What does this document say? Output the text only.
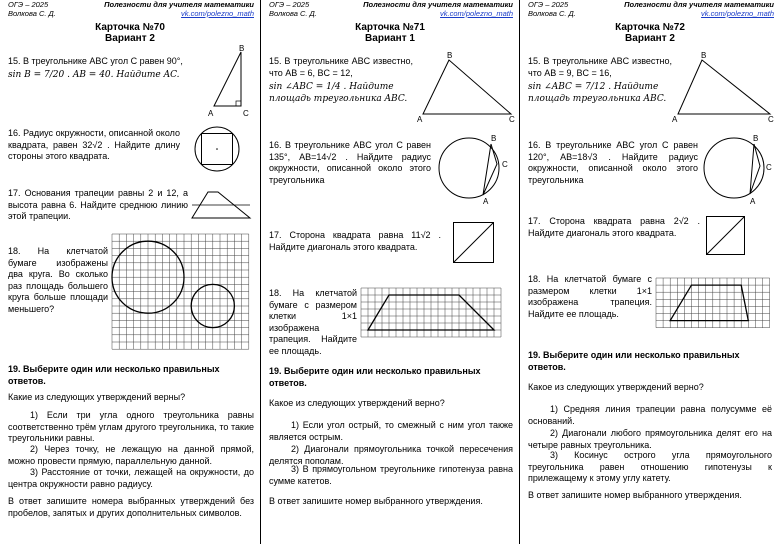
ОГЭ – 2025
Волкова С. Д.
Полезности для учителя математики
vk.com/polezno_math
Карточка №70
Вариант 2
15. В треугольнике ABC угол C равен 90°,
sin B = 7/20 . AB = 40. Найдите AC.
B
A	C
16. Радиус окружности, описанной около квадрата, равен 32√2 . Найдите длину стороны этого квадрата.
17. Основания трапеции равны 2 и 12, а высота равна 6. Найдите среднюю линию этой трапеции.
18. На клетчатой бумаге изображены два круга. Во сколько раз площадь большего круга больше площади меньшего?
19. Выберите один или несколько правильных ответов.
Какие из следующих утверждений верны?
1) Если три угла одного треугольника равны соответственно трём углам другого треугольника, то такие треугольники равны.
2) Через точку, не лежащую на данной прямой, можно провести прямую, параллельную данной.
3) Расстояние от точки, лежащей на окружности, до центра окружности равно радиусу.
В ответ запишите номера выбранных утверждений без пробелов, запятых и других дополнительных символов.
ОГЭ – 2025
Волкова С. Д.
Полезности для учителя математики
vk.com/polezno_math
Карточка №71
Вариант 1
15. В треугольнике ABC известно, что AB = 6, BC = 12,
sin ∠ABC = 1/4 . Найдите площадь треугольника ABC.
B
A	C
16. В треугольнике ABC угол C равен 135°, AB=14√2 . Найдите радиус окружности, описанной около этого треугольника
B
C
A
17. Сторона квадрата равна 11√2 . Найдите диагональ этого квадрата.
18. На клетчатой бумаге с размером клетки 1×1 изображена трапеция. Найдите ее площадь.
19. Выберите один или несколько правильных ответов.
Какое из следующих утверждений верно?
1) Если угол острый, то смежный с ним угол также является острым.
2) Диагонали прямоугольника точкой пересечения делятся пополам.
3) В прямоугольном треугольнике гипотенуза равна сумме катетов.
В ответ запишите номер выбранного утверждения.
ОГЭ – 2025
Волкова С. Д.
Полезности для учителя математики
vk.com/polezno_math
Карточка №72
Вариант 2
15. В треугольнике ABC известно, что AB = 9, BC = 16,
sin ∠ABC = 7/12 . Найдите площадь треугольника ABC.
B
A	C
16. В треугольнике ABC угол C равен 120°, AB=18√3 . Найдите радиус окружности, описанной около этого треугольника
B
C
A
17. Сторона квадрата равна 2√2 . Найдите диагональ этого квадрата.
18. На клетчатой бумаге с размером клетки 1×1 изображена трапеция. Найдите ее площадь.
19. Выберите один или несколько правильных ответов.
Какое из следующих утверждений верно?
1) Средняя линия трапеции равна полусумме её оснований.
2) Диагонали любого прямоугольника делят его на четыре равных треугольника.
3) Косинус острого угла прямоугольного треугольника равен отношению гипотенузы к прилежащему к этому углу катету.
В ответ запишите номер выбранного утверждения.
